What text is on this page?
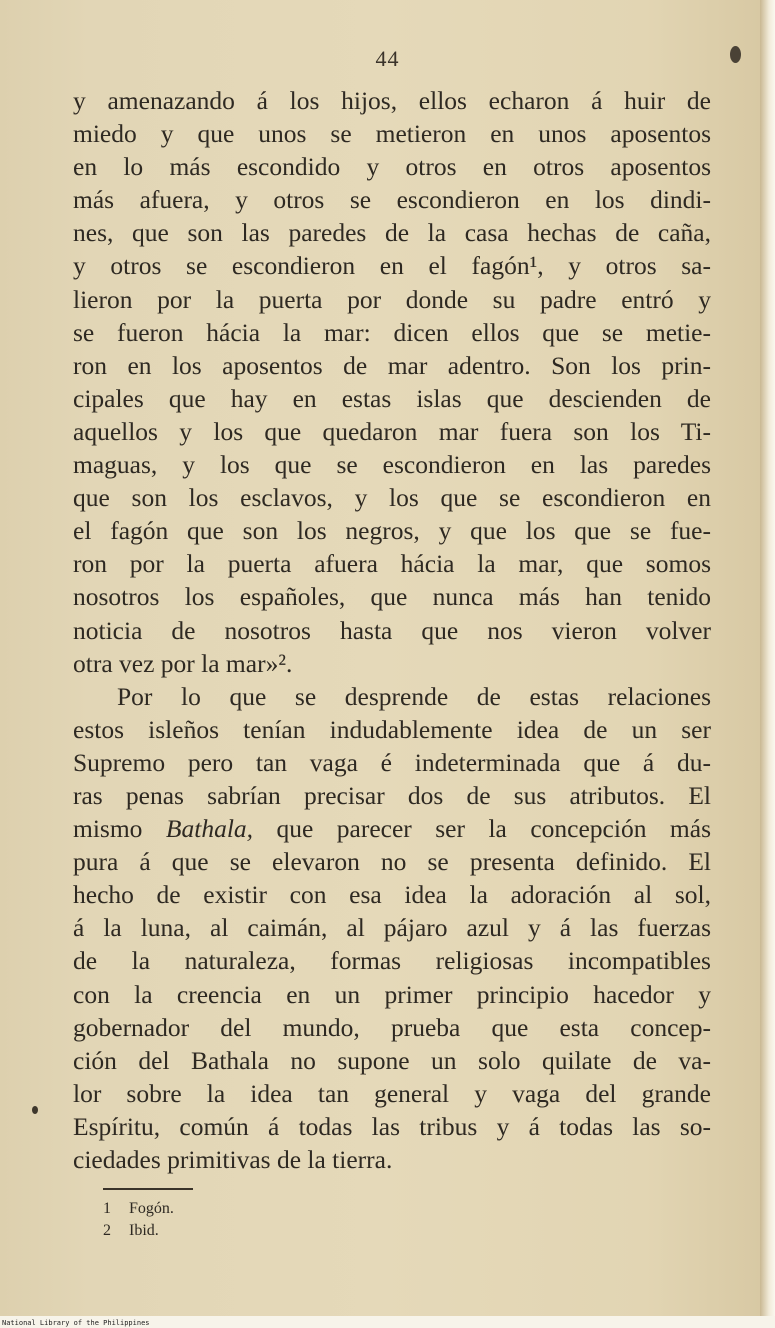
44
y amenazando á los hijos, ellos echaron á huir de
miedo y que unos se metieron en unos aposentos
en lo más escondido y otros en otros aposentos
más afuera, y otros se escondieron en los dindi-
nes, que son las paredes de la casa hechas de caña,
y otros se escondieron en el fagón¹, y otros sa-
lieron por la puerta por donde su padre entró y
se fueron hácia la mar: dicen ellos que se metie-
ron en los aposentos de mar adentro. Son los prin-
cipales que hay en estas islas que descienden de
aquellos y los que quedaron mar fuera son los Ti-
maguas, y los que se escondieron en las paredes
que son los esclavos, y los que se escondieron en
el fagón que son los negros, y que los que se fue-
ron por la puerta afuera hácia la mar, que somos
nosotros los españoles, que nunca más han tenido
noticia de nosotros hasta que nos vieron volver
otra vez por la mar»².
Por lo que se desprende de estas relaciones
estos isleños tenían indudablemente idea de un ser
Supremo pero tan vaga é indeterminada que á du-
ras penas sabrían precisar dos de sus atributos. El
mismo Bathala, que parecer ser la concepción más
pura á que se elevaron no se presenta definido. El
hecho de existir con esa idea la adoración al sol,
á la luna, al caimán, al pájaro azul y á las fuerzas
de la naturaleza, formas religiosas incompatibles
con la creencia en un primer principio hacedor y
gobernador del mundo, prueba que esta concep-
ción del Bathala no supone un solo quilate de va-
lor sobre la idea tan general y vaga del grande
Espíritu, común á todas las tribus y á todas las so-
ciedades primitivas de la tierra.
1 Fogón.
2 Ibid.
National Library of the Philippines
